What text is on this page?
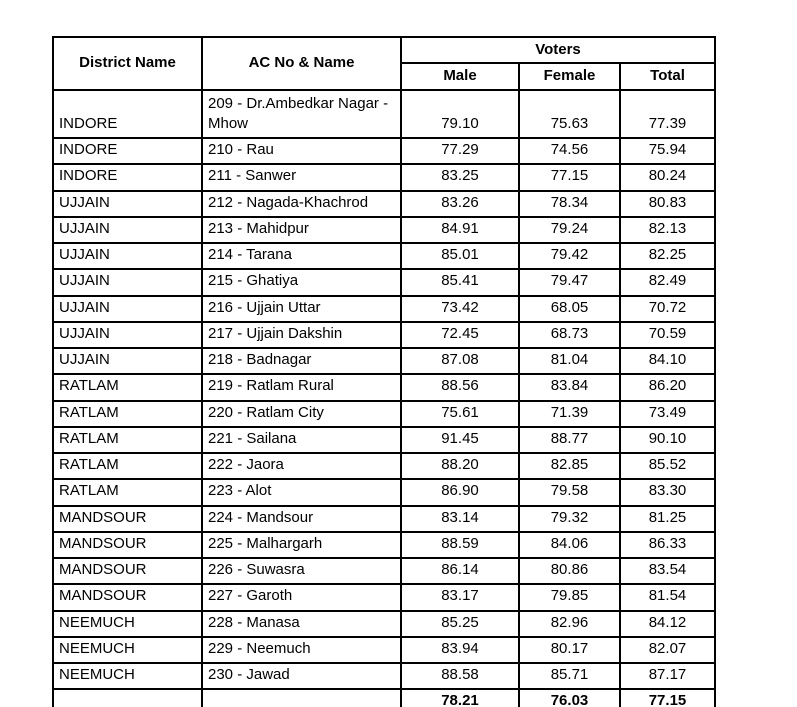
District Name	AC No & Name	Voters		
		Male	Female	Total
INDORE	209 - Dr.Ambedkar Nagar - Mhow	79.10	75.63	77.39
INDORE	210 - Rau	77.29	74.56	75.94
INDORE	211 - Sanwer	83.25	77.15	80.24
UJJAIN	212 - Nagada-Khachrod	83.26	78.34	80.83
UJJAIN	213 - Mahidpur	84.91	79.24	82.13
UJJAIN	214 - Tarana	85.01	79.42	82.25
UJJAIN	215 - Ghatiya	85.41	79.47	82.49
UJJAIN	216 - Ujjain Uttar	73.42	68.05	70.72
UJJAIN	217 - Ujjain Dakshin	72.45	68.73	70.59
UJJAIN	218 - Badnagar	87.08	81.04	84.10
RATLAM	219 - Ratlam Rural	88.56	83.84	86.20
RATLAM	220 - Ratlam City	75.61	71.39	73.49
RATLAM	221 - Sailana	91.45	88.77	90.10
RATLAM	222 - Jaora	88.20	82.85	85.52
RATLAM	223 - Alot	86.90	79.58	83.30
MANDSOUR	224 - Mandsour	83.14	79.32	81.25
MANDSOUR	225 - Malhargarh	88.59	84.06	86.33
MANDSOUR	226 - Suwasra	86.14	80.86	83.54
MANDSOUR	227 - Garoth	83.17	79.85	81.54
NEEMUCH	228 - Manasa	85.25	82.96	84.12
NEEMUCH	229 - Neemuch	83.94	80.17	82.07
NEEMUCH	230 - Jawad	88.58	85.71	87.17
		78.21	76.03	77.15
